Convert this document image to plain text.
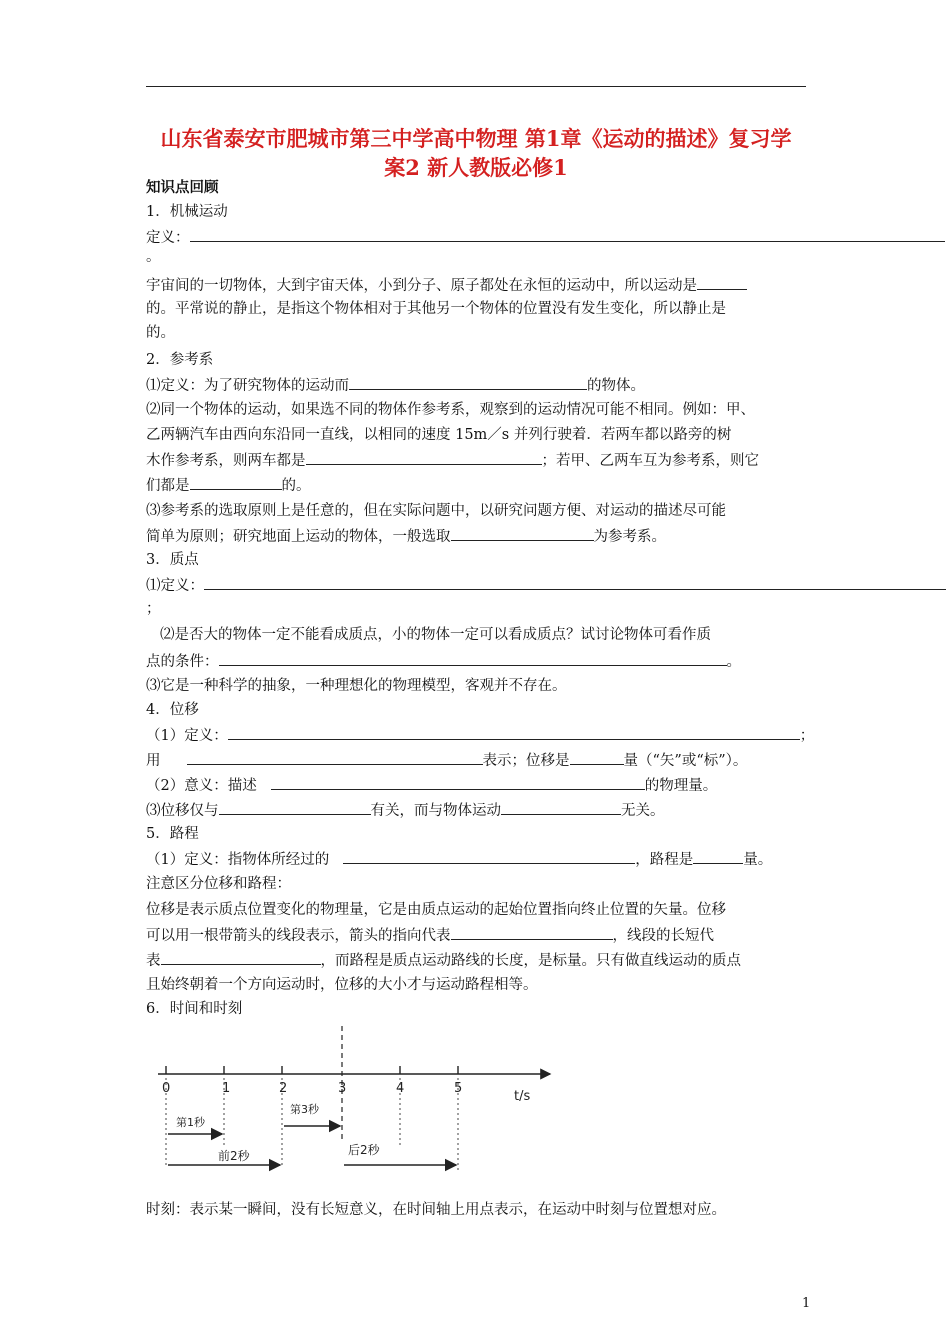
山东省泰安市肥城市第三中学高中物理 第1章《运动的描述》复习学
案2 新人教版必修1
知识点回顾
1．机械运动
定义：
。
宇宙间的一切物体，大到宇宙天体，小到分子、原子都处在永恒的运动中，所以运动是
的。平常说的静止，是指这个物体相对于其他另一个物体的位置没有发生变化，所以静止是
的。
2．参考系
⑴定义：为了研究物体的运动而	的物体。
⑵同一个物体的运动，如果选不同的物体作参考系，观察到的运动情况可能不相同。例如：甲、
乙两辆汽车由西向东沿同一直线，以相同的速度 15m／s 并列行驶着．若两车都以路旁的树
木作参考系，则两车都是	；若甲、乙两车互为参考系，则它
们都是	的。
⑶参考系的选取原则上是任意的，但在实际问题中，以研究问题方便、对运动的描述尽可能
简单为原则；研究地面上运动的物体，一般选取	为参考系。
3．质点
⑴定义：
；
⑵是否大的物体一定不能看成质点，小的物体一定可以看成质点？试讨论物体可看作质
点的条件：	。
⑶它是一种科学的抽象，一种理想化的物理模型，客观并不存在。
4．位移
（1）定义：	；
用	表示；位移是	量（“矢”或“标”）。
（2）意义：描述	的物理量。
⑶位移仅与	有关，而与物体运动	无关。
5．路程
（1）定义：指物体所经过的	，路程是	量。
注意区分位移和路程：
位移是表示质点位置变化的物理量，它是由质点运动的起始位置指向终止位置的矢量。位移
可以用一根带箭头的线段表示，箭头的指向代表	，线段的长短代
表	，而路程是质点运动路线的长度，是标量。只有做直线运动的质点
且始终朝着一个方向运动时，位移的大小才与运动路程相等。
6．时间和时刻
0	1	2	3	4	5
t/s
第1秒
第3秒
前2秒	后2秒
时刻：表示某一瞬间，没有长短意义，在时间轴上用点表示，在运动中时刻与位置想对应。
1
